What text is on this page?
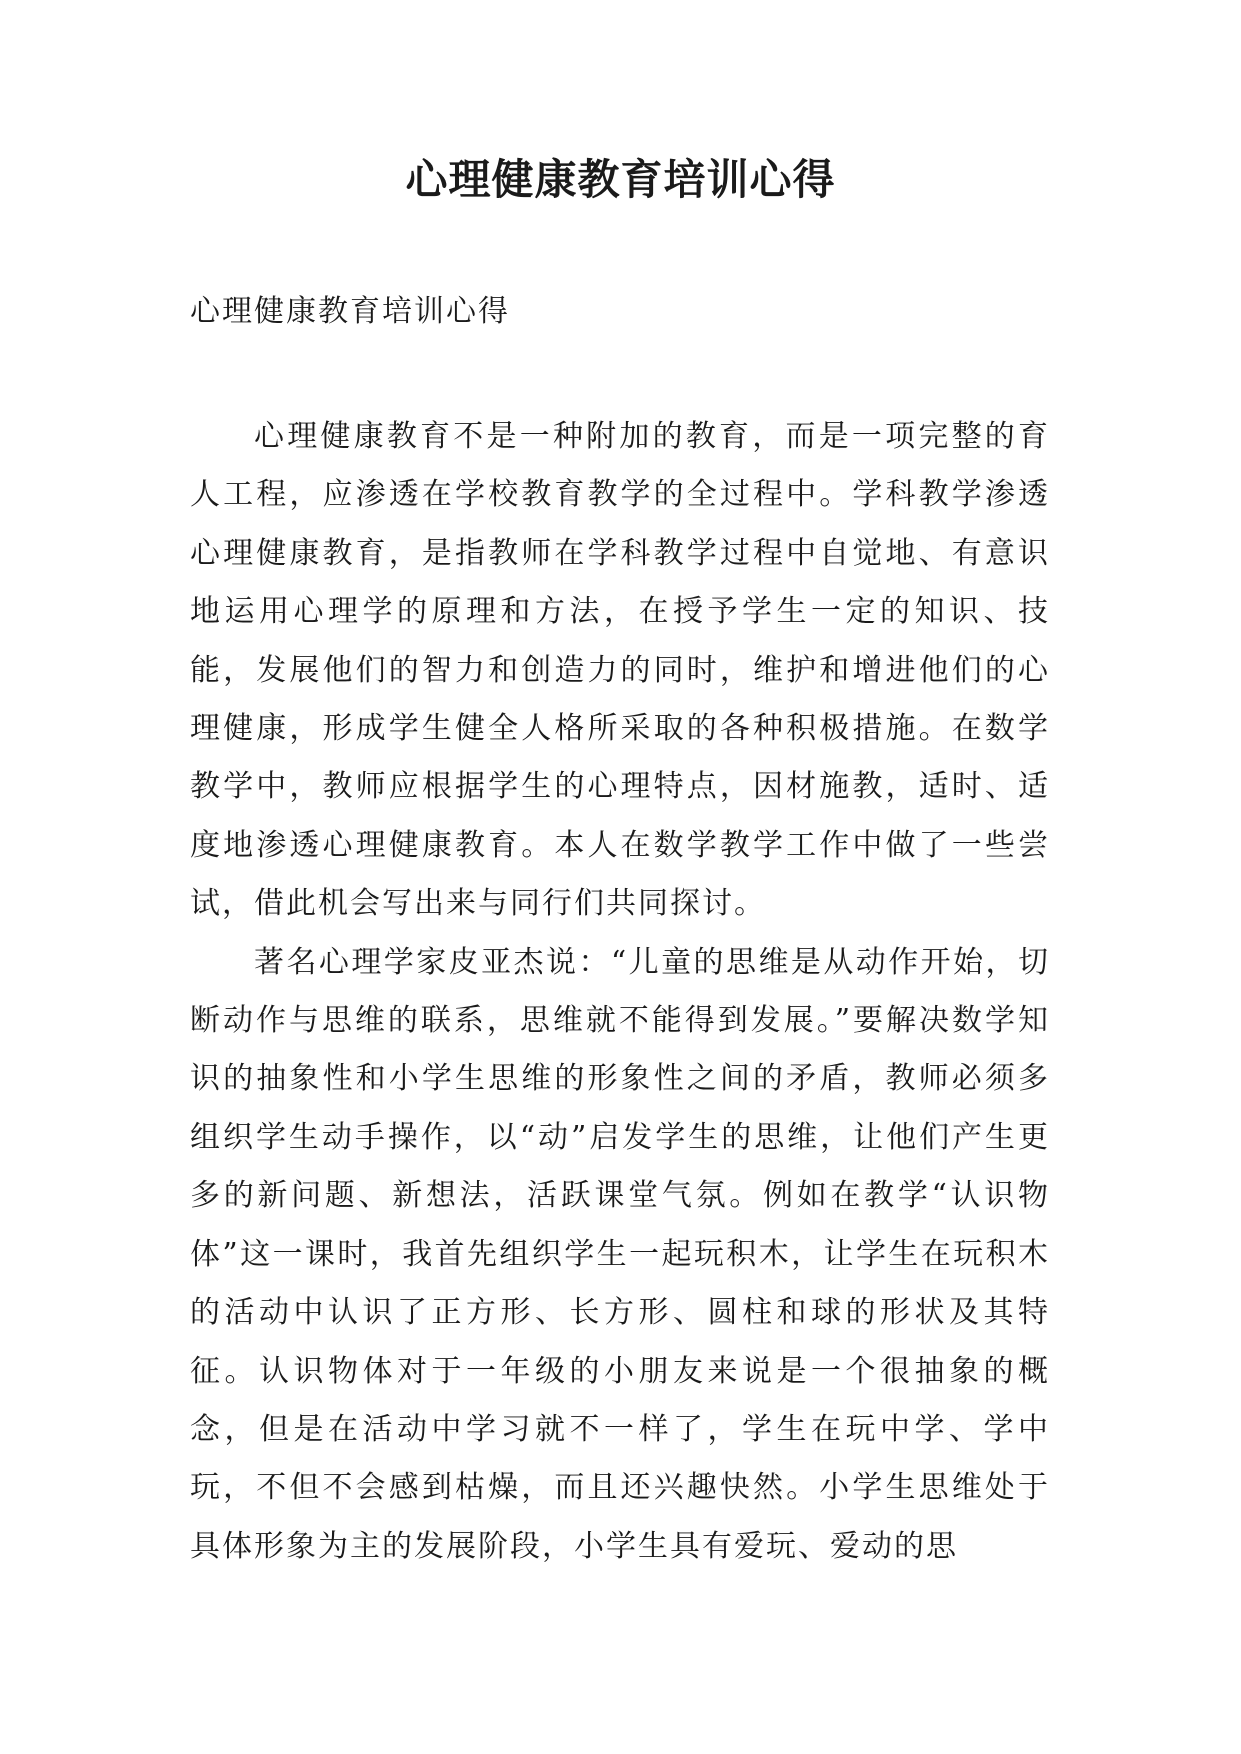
心理健康教育培训心得

心理健康教育培训心得

心理健康教育不是一种附加的教育，而是一项完整的育人工程，应渗透在学校教育教学的全过程中。学科教学渗透心理健康教育，是指教师在学科教学过程中自觉地、有意识地运用心理学的原理和方法，在授予学生一定的知识、技能，发展他们的智力和创造力的同时，维护和增进他们的心理健康，形成学生健全人格所采取的各种积极措施。在数学教学中，教师应根据学生的心理特点，因材施教，适时、适度地渗透心理健康教育。本人在数学教学工作中做了一些尝试，借此机会写出来与同行们共同探讨。

著名心理学家皮亚杰说：“儿童的思维是从动作开始，切断动作与思维的联系，思维就不能得到发展。”要解决数学知识的抽象性和小学生思维的形象性之间的矛盾，教师必须多组织学生动手操作，以“动”启发学生的思维，让他们产生更多的新问题、新想法，活跃课堂气氛。例如在教学“认识物体”这一课时，我首先组织学生一起玩积木，让学生在玩积木的活动中认识了正方形、长方形、圆柱和球的形状及其特征。认识物体对于一年级的小朋友来说是一个很抽象的概念，但是在活动中学习就不一样了，学生在玩中学、学中玩，不但不会感到枯燥，而且还兴趣快然。小学生思维处于具体形象为主的发展阶段，小学生具有爱玩、爱动的思
